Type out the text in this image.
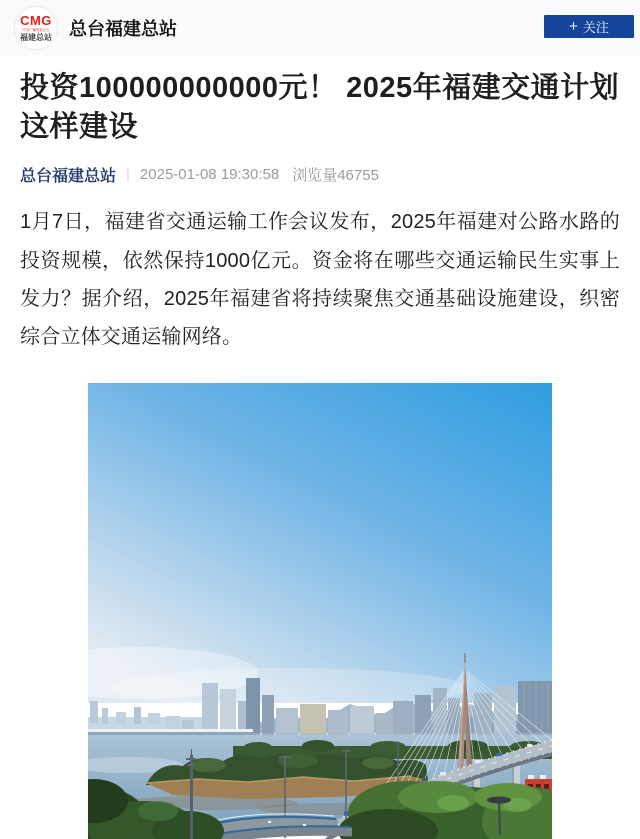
CMG
中央广播电视总台
福建总站 总台福建总站	+ 关注
投资100000000000元！ 2025年福建交通计划这样建设
总台福建总站 | 2025-01-08 19:30:58 浏览量46755

1月7日，福建省交通运输工作会议发布，2025年福建对公路水路的投资规模，依然保持1000亿元。资金将在哪些交通运输民生实事上发力？据介绍，2025年福建省将持续聚焦交通基础设施建设，织密综合立体交通运输网络。
